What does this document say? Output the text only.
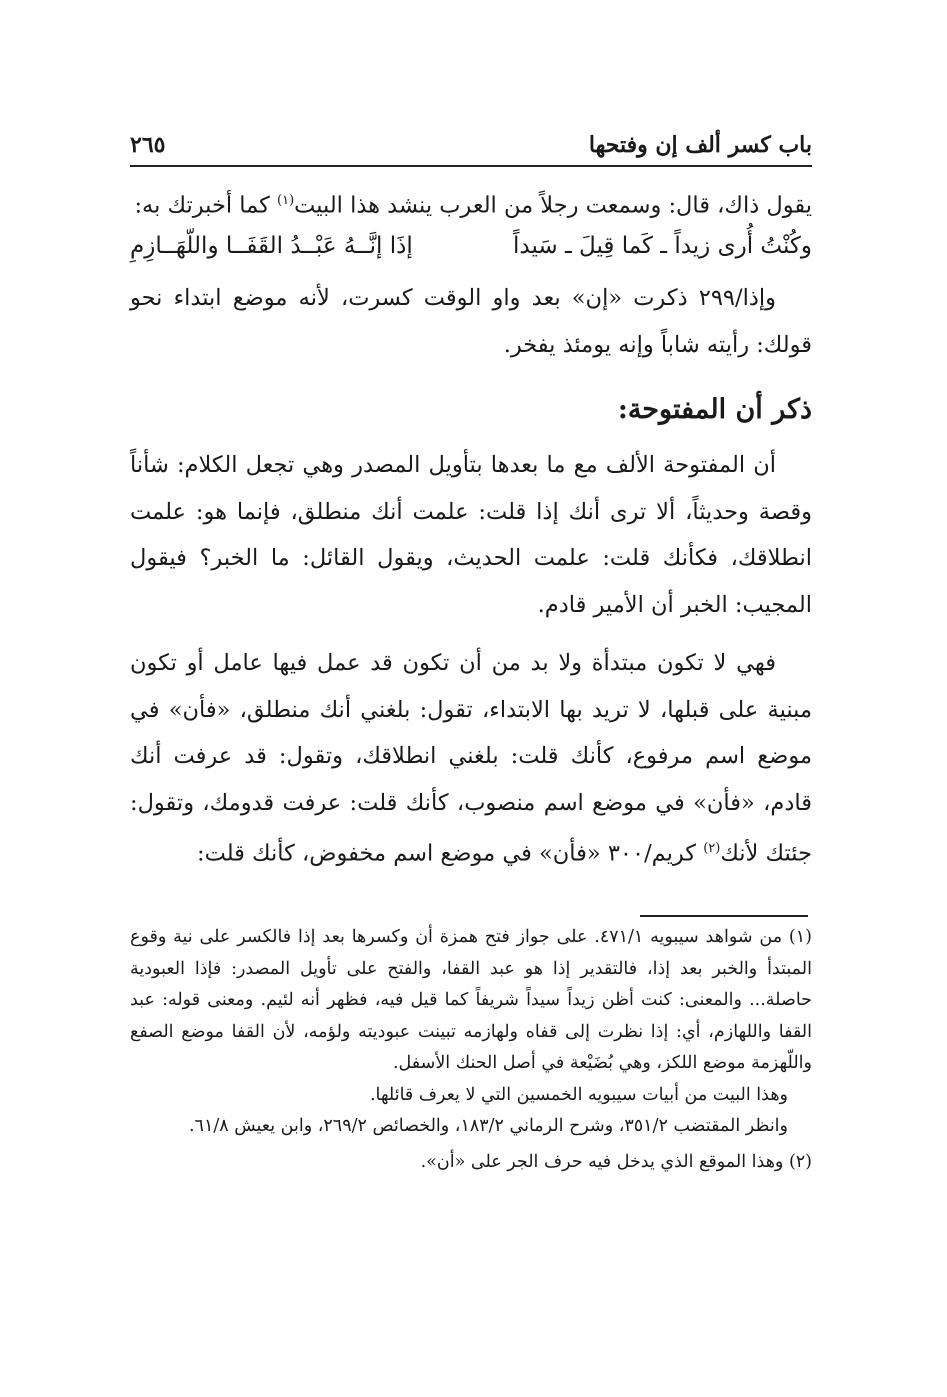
باب كسر ألف إن وفتحها
٢٦٥

يقول ذاك، قال: وسمعت رجلاً من العرب ينشد هذا البيت$^{(١)}$ كما أخبرتك به:

وكُنْتُ أُرى زيداً ـ كَما قِيلَ ـ سَيداً
إذَا إنَّــهُ عَبْــدُ القَفَــا واللّهَــازِمِ

وإذا/٢٩٩ ذكرت «إن» بعد واو الوقت كسرت، لأنه موضع ابتداء نحو قولك: رأيته شاباً وإنه يومئذ يفخر.

ذكر أن المفتوحة:

أن المفتوحة الألف مع ما بعدها بتأويل المصدر وهي تجعل الكلام: شأناً وقصة وحديثاً، ألا ترى أنك إذا قلت: علمت أنك منطلق، فإنما هو: علمت انطلاقك، فكأنك قلت: علمت الحديث، ويقول القائل: ما الخبر؟ فيقول المجيب: الخبر أن الأمير قادم.

فهي لا تكون مبتدأة ولا بد من أن تكون قد عمل فيها عامل أو تكون مبنية على قبلها، لا تريد بها الابتداء، تقول: بلغني أنك منطلق، «فأن» في موضع اسم مرفوع، كأنك قلت: بلغني انطلاقك، وتقول: قد عرفت أنك قادم، «فأن» في موضع اسم منصوب، كأنك قلت: عرفت قدومك، وتقول: جئتك لأنك$^{(٢)}$ كريم/٣٠٠ «فأن» في موضع اسم مخفوض، كأنك قلت:

(١) من شواهد سيبويه ٤٧١/١. على جواز فتح همزة أن وكسرها بعد إذا فالكسر على نية وقوع المبتدأ والخبر بعد إذا، فالتقدير إذا هو عبد القفا، والفتح على تأويل المصدر: فإذا العبودية حاصلة... والمعنى: كنت أظن زيداً سيداً شريفاً كما قيل فيه، فظهر أنه لئيم. ومعنى قوله: عبد القفا واللهازم، أي: إذا نظرت إلى قفاه ولهازمه تبينت عبوديته ولؤمه، لأن القفا موضع الصفع واللّهزمة موضع اللكز، وهي بُضَيْعة في أصل الحنك الأسفل.

وهذا البيت من أبيات سيبويه الخمسين التي لا يعرف قائلها.

وانظر المقتضب ٣٥١/٢، وشرح الرماني ١٨٣/٢، والخصائص ٢٦٩/٢، وابن يعيش ٦١/٨.

(٢) وهذا الموقع الذي يدخل فيه حرف الجر على «أن».
